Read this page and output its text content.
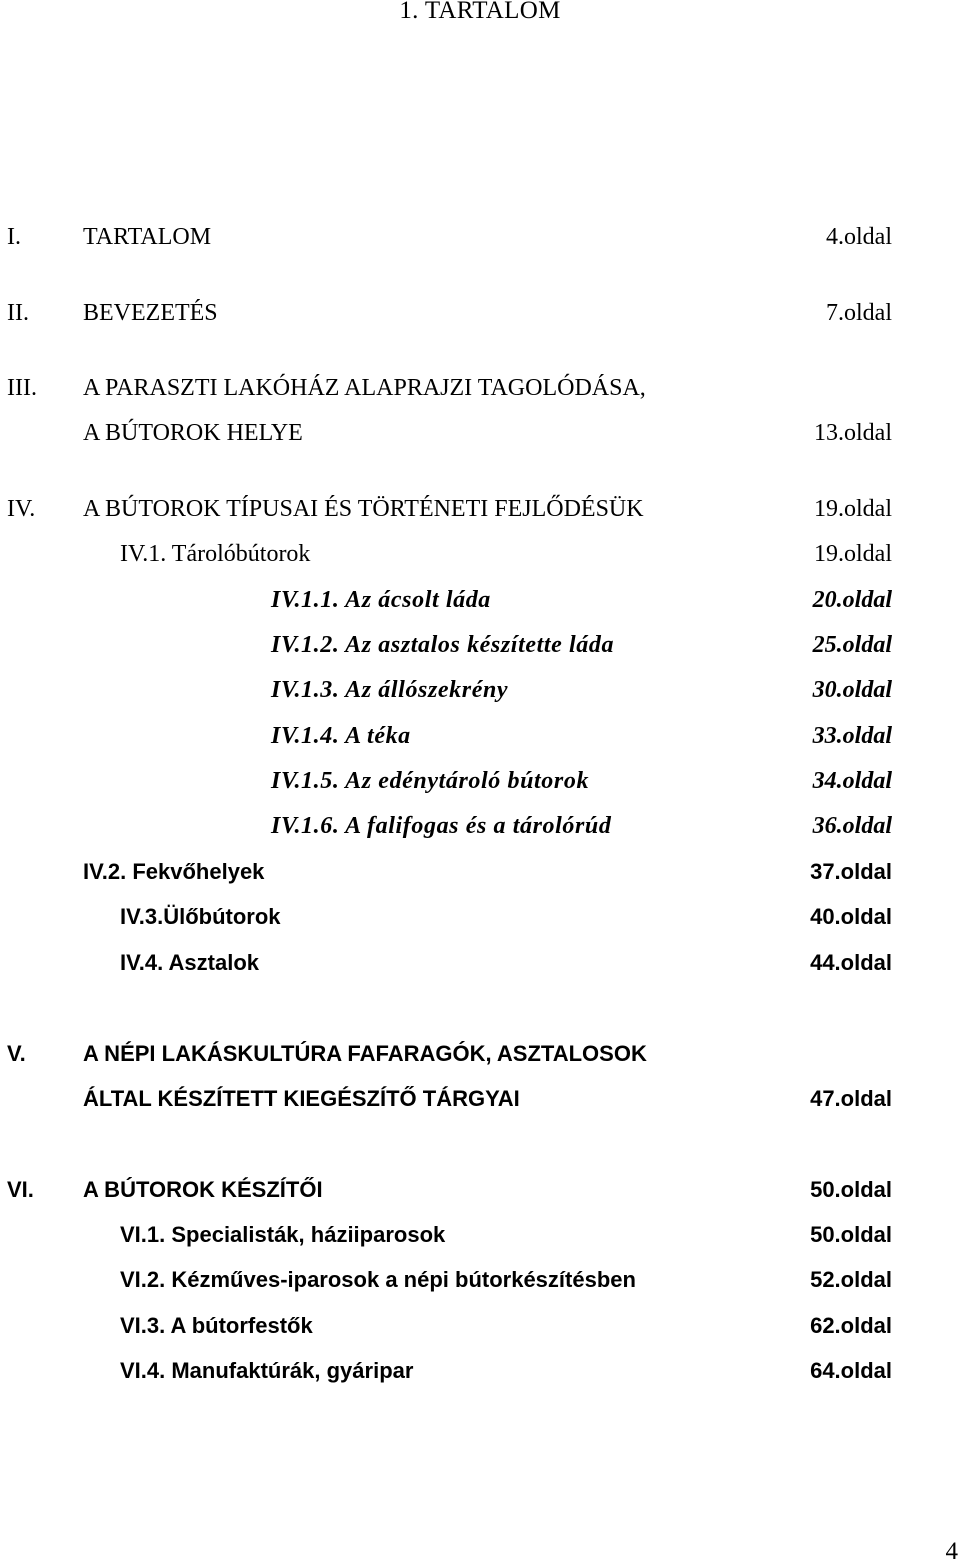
1. TARTALOM
I.	TARTALOM	4.oldal
II. BEVEZETÉS	7.oldal
III. A PARASZTI LAKÓHÁZ ALAPRAJZI TAGOLÓDÁSA,
A BÚTOROK HELYE	13.oldal
IV. A BÚTOROK TÍPUSAI ÉS TÖRTÉNETI FEJLŐDÉSÜK	19.oldal
IV.1. Tárolóbútorok	19.oldal
IV.1.1. Az ácsolt láda	20.oldal
IV.1.2. Az asztalos készítette láda	25.oldal
IV.1.3. Az állószekrény	30.oldal
IV.1.4. A téka	33.oldal
IV.1.5. Az edénytároló bútorok	34.oldal
IV.1.6. A falifogas és a tárolórúd	36.oldal
IV.2. Fekvőhelyek	37.oldal
IV.3.Ülőbútorok	40.oldal
IV.4. Asztalok	44.oldal
V.	A NÉPI LAKÁSKULTÚRA FAFARAGÓK, ASZTALOSOK
ÁLTAL KÉSZÍTETT KIEGÉSZÍTŐ TÁRGYAI	47.oldal
VI. A BÚTOROK KÉSZÍTŐI	50.oldal
VI.1. Specialisták, háziiparosok	50.oldal
VI.2. Kézműves-iparosok a népi bútorkészítésben	52.oldal
VI.3. A bútorfestők	62.oldal
VI.4. Manufaktúrák, gyáripar	64.oldal
4
